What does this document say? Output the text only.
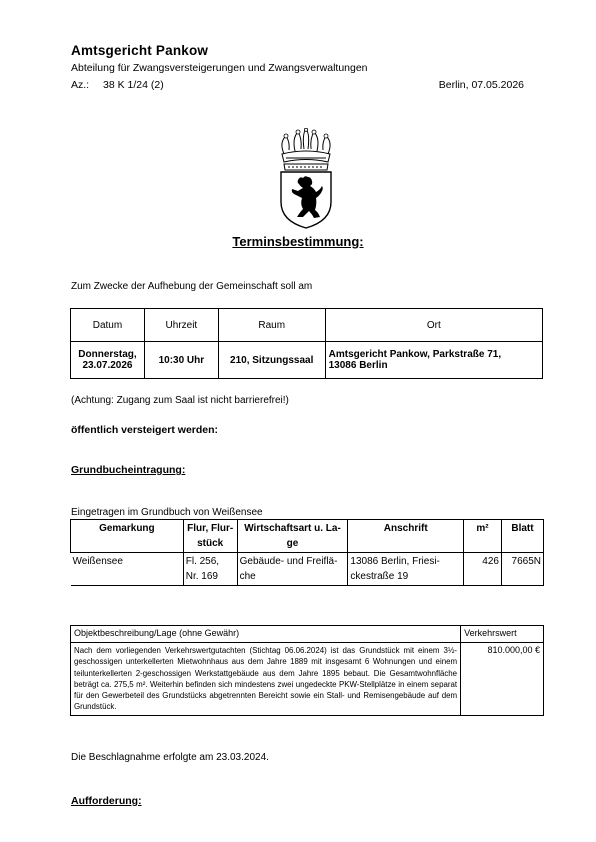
Amtsgericht Pankow
Abteilung für Zwangsversteigerungen und Zwangsverwaltungen
Az.: 38 K 1/24 (2)	Berlin, 07.05.2026
Terminsbestimmung:
Zum Zwecke der Aufhebung der Gemeinschaft soll am
Datum	Uhrzeit	Raum	Ort
Donnerstag,
23.07.2026	10:30 Uhr	210, Sitzungssaal	Amtsgericht Pankow, Parkstraße 71,
13086 Berlin
(Achtung: Zugang zum Saal ist nicht barrierefrei!)
öffentlich versteigert werden:
Grundbucheintragung:
Eingetragen im Grundbuch von Weißensee
Gemarkung	Flur, Flur-
stück	Wirtschaftsart u. La-
ge	Anschrift	m²	Blatt
Weißensee	Fl. 256,
Nr. 169	Gebäude- und Freiflä-
che	13086 Berlin, Friesi-
ckestraße 19	426	7665N
Objektbeschreibung/Lage (ohne Gewähr)	Verkehrswert
Nach dem vorliegenden Verkehrswertgutachten (Stichtag 06.06.2024) ist das Grundstück mit einem 3½-geschossigen unterkellerten Mietwohnhaus aus dem Jahre 1889 mit insgesamt 6 Wohnungen und einem teilunterkellerten 2-geschossigen Werkstattgebäude aus dem Jahre 1895 bebaut. Die Gesamtwohnfläche beträgt ca. 275,5 m². Weiterhin befinden sich mindestens zwei ungedeckte PKW-Stellplätze in einem separat für den Gewerbeteil des Grundstücks abgetrennten Bereicht sowie ein Stall- und Remisengebäude auf dem Grundstück.	810.000,00 €
Die Beschlagnahme erfolgte am 23.03.2024.
Aufforderung:
